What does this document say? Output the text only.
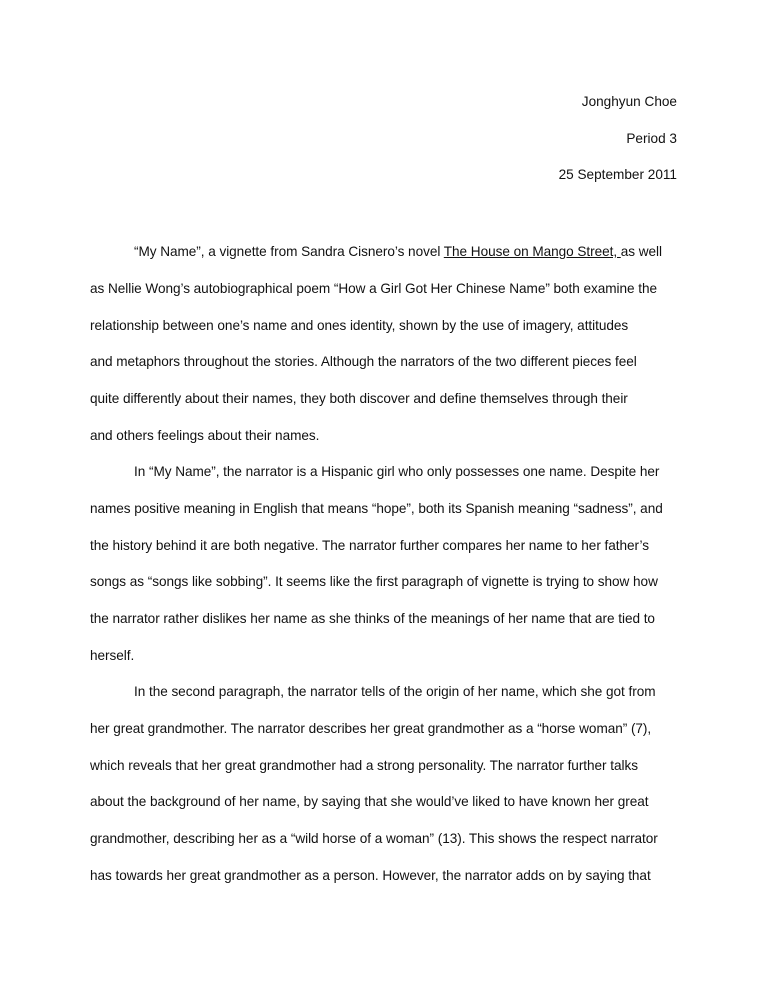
Jonghyun Choe
Period 3
25 September 2011
“My Name”, a vignette from Sandra Cisnero’s novel The House on Mango Street, as well
as Nellie Wong’s autobiographical poem “How a Girl Got Her Chinese Name” both examine the
relationship between one’s name and ones identity, shown by the use of imagery, attitudes
and metaphors throughout the stories. Although the narrators of the two different pieces feel
quite differently about their names, they both discover and define themselves through their
and others feelings about their names.
In “My Name”, the narrator is a Hispanic girl who only possesses one name. Despite her
names positive meaning in English that means “hope”, both its Spanish meaning “sadness”, and
the history behind it are both negative. The narrator further compares her name to her father’s
songs as “songs like sobbing”. It seems like the first paragraph of vignette is trying to show how
the narrator rather dislikes her name as she thinks of the meanings of her name that are tied to
herself.
In the second paragraph, the narrator tells of the origin of her name, which she got from
her great grandmother. The narrator describes her great grandmother as a “horse woman” (7),
which reveals that her great grandmother had a strong personality. The narrator further talks
about the background of her name, by saying that she would’ve liked to have known her great
grandmother, describing her as a “wild horse of a woman” (13). This shows the respect narrator
has towards her great grandmother as a person. However, the narrator adds on by saying that
